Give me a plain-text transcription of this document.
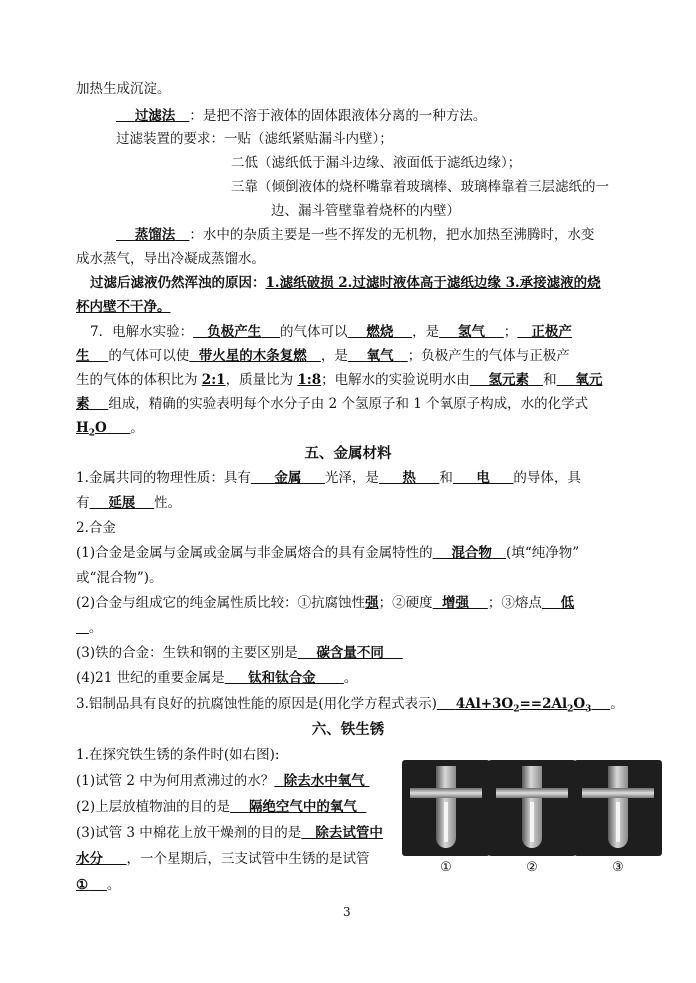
加热生成沉淀。
过滤法 ：是把不溶于液体的固体跟液体分离的一种方法。
过滤装置的要求：一贴（滤纸紧贴漏斗内壁）；
二低（滤纸低于漏斗边缘、液面低于滤纸边缘）；
三靠（倾倒液体的烧杯嘴靠着玻璃棒、玻璃棒靠着三层滤纸的一
边、漏斗管壁靠着烧杯的内壁）
蒸馏法 ：水中的杂质主要是一些不挥发的无机物，把水加热至沸腾时，水变
成水蒸气，导出冷凝成蒸馏水。
过滤后滤液仍然浑浊的原因：1.滤纸破损 2.过滤时液体高于滤纸边缘 3.承接滤液的烧
杯内壁不干净。
7．电解水实验： 负极产生 的气体可以 燃烧 ，是 氢气 ； 正极产
生 的气体可以使 带火星的木条复燃 ，是 氧气 ；负极产生的气体与正极产
生的气体的体积比为 2:1，质量比为 1:8；电解水的实验说明水由 氢元素 和 氧元
素 组成，精确的实验表明每个水分子由 2 个氢原子和 1 个氧原子构成，水的化学式
$H_2O$ 。
五、金属材料
1.金属共同的物理性质：具有 金属 光泽，是 热 和 电 的导体，具
有 延展 性。
2.合金
(1)合金是金属与金属或金属与非金属熔合的具有金属特性的 混合物 (填“纯净物”
或“混合物”)。
(2)合金与组成它的纯金属性质比较：①抗腐蚀性强；②硬度 增强 ；③熔点 低
。
(3)铁的合金：生铁和钢的主要区别是 碳含量不同
(4)21 世纪的重要金属是 钛和钛合金 。
3.铝制品具有良好的抗腐蚀性能的原因是(用化学方程式表示) $4Al+3O_2==2Al_2O_3$ 。
六、铁生锈
1.在探究铁生锈的条件时(如右图):
(1)试管 2 中为何用煮沸过的水？ 除去水中氧气
(2)上层放植物油的目的是 隔绝空气中的氧气
(3)试管 3 中棉花上放干燥剂的目的是 除去试管中
水分 ，一个星期后，三支试管中生锈的是试管
① 。
①	②	③
3
